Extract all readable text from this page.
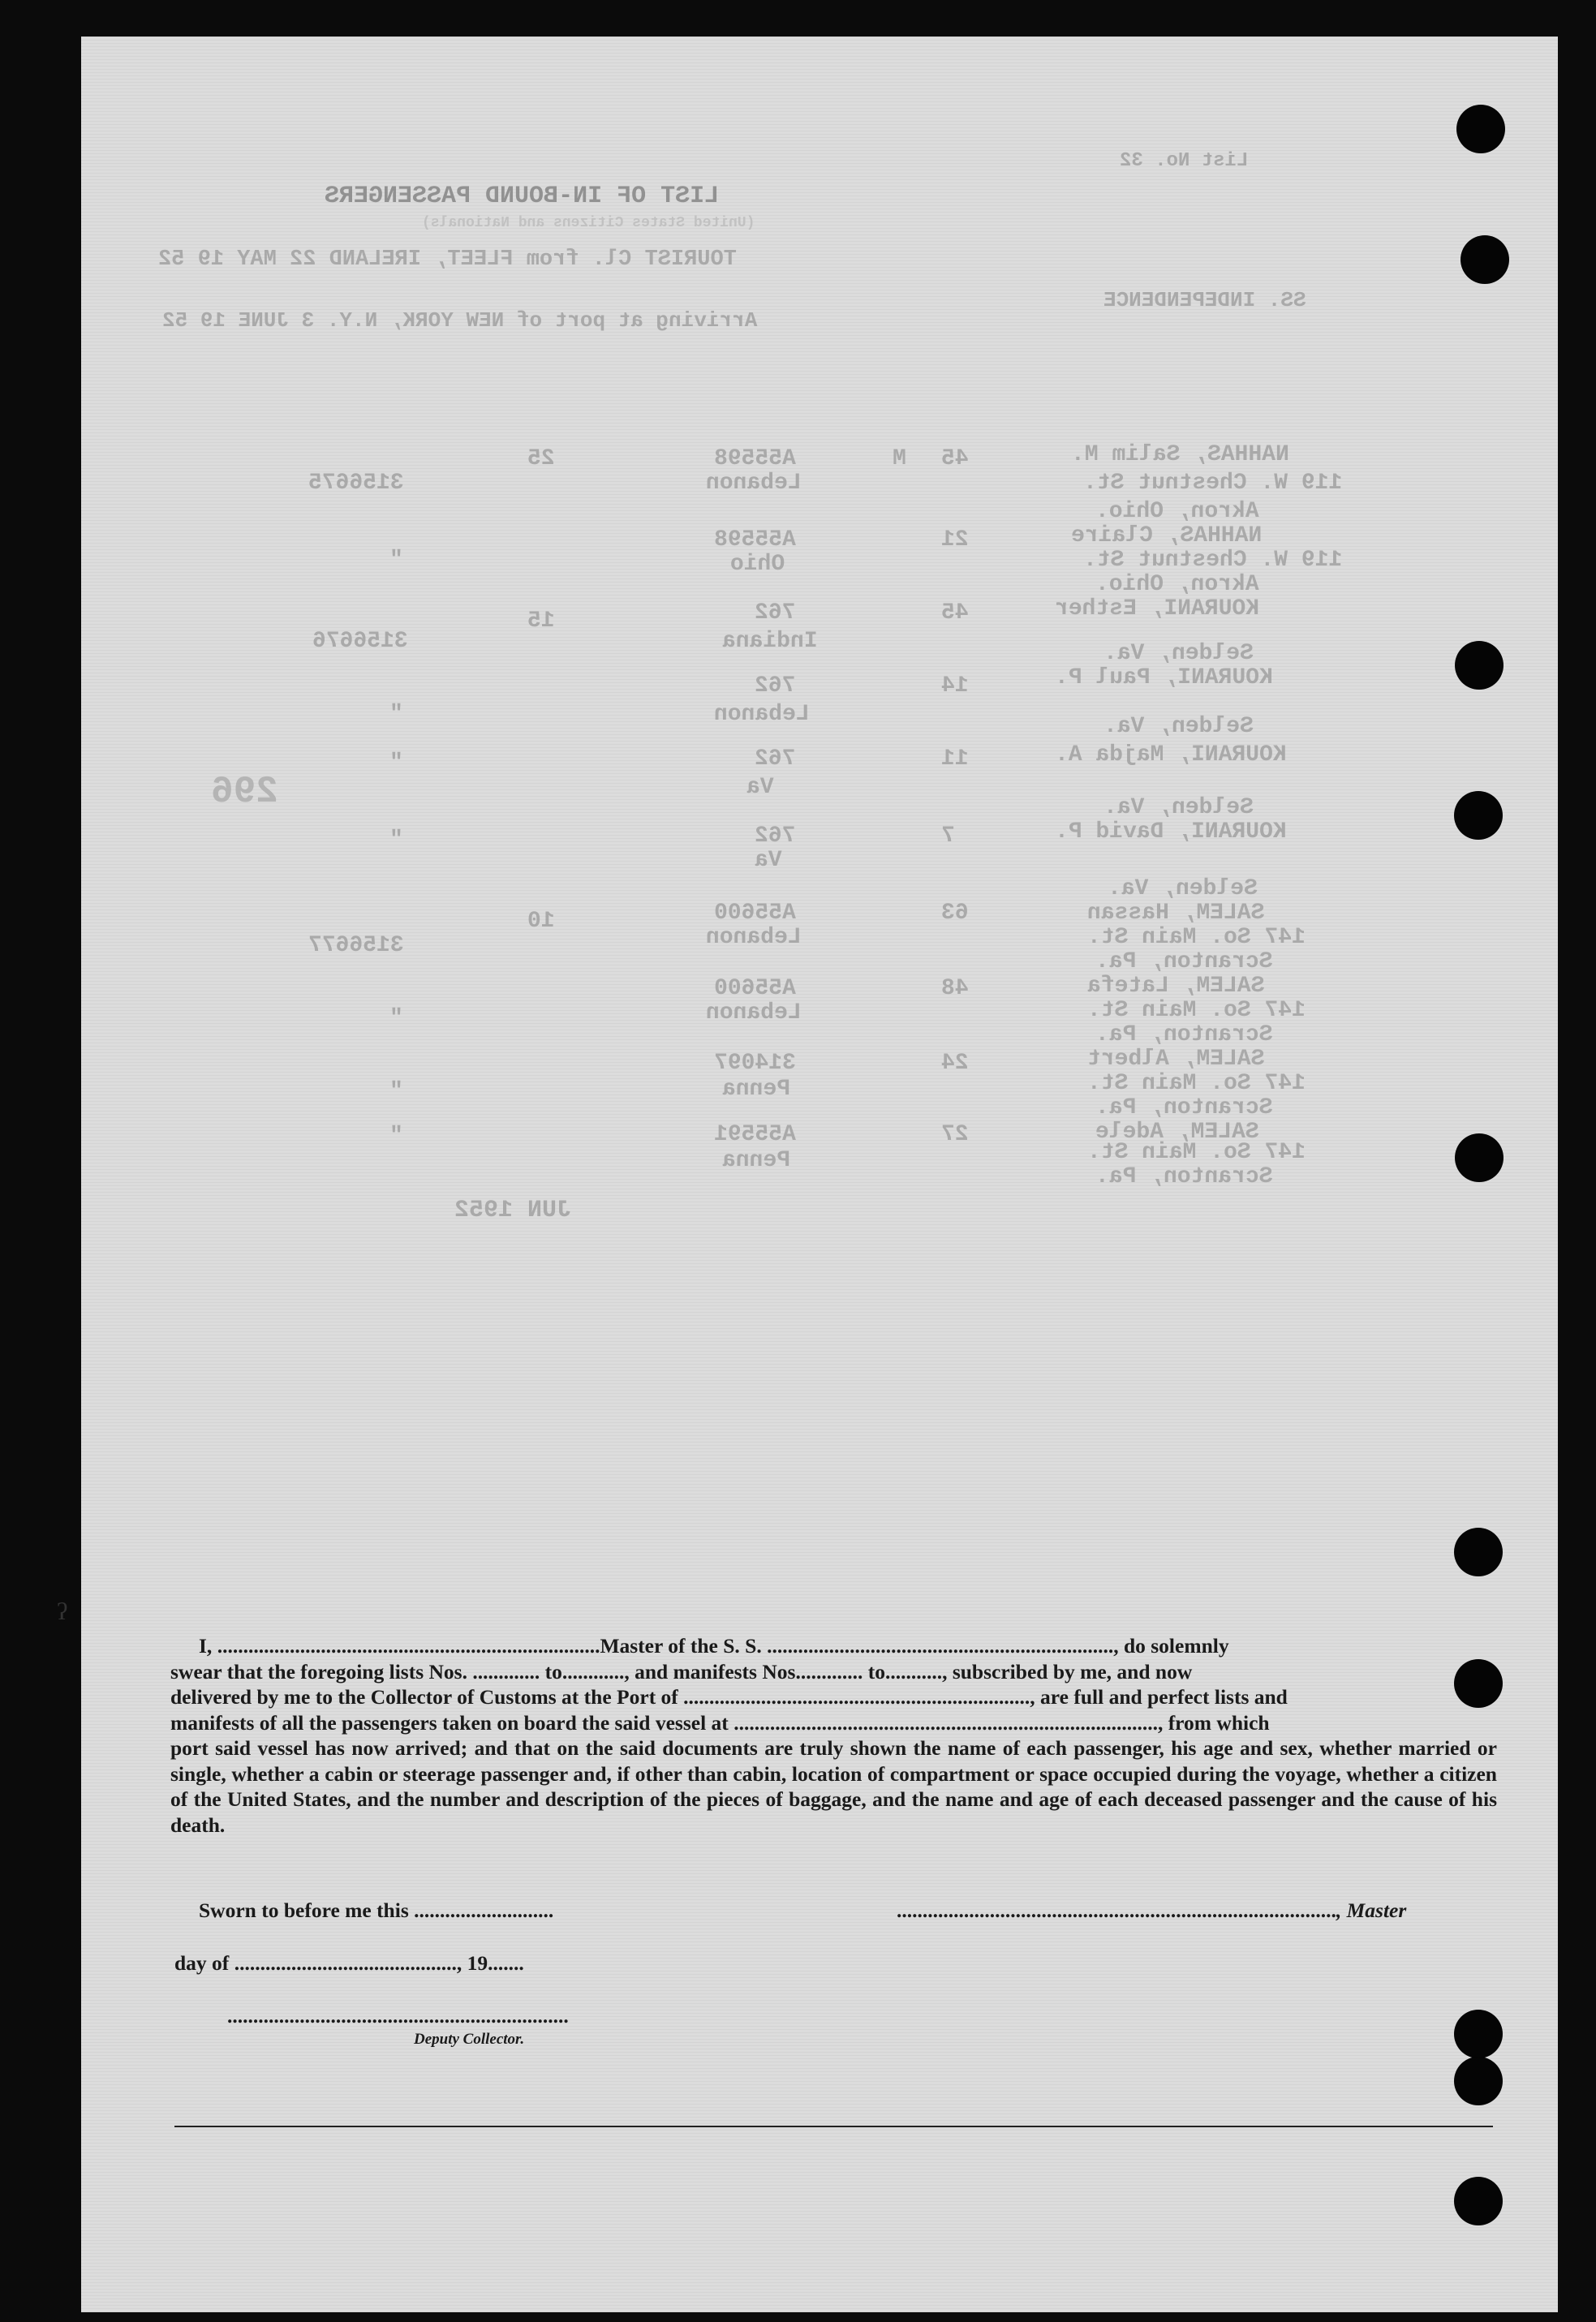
List No. 32
LIST OF IN-BOUND PASSENGERS
(United States Citizens and Nationals)
TOURIST Cl. from FLEET, IRELAND 22 MAY 19 52
SS. INDEPENDENCE
Arriving at port of NEW YORK, N.Y. 3 JUNE 19 52
NAHHAS, Salim M.
119 W. Chestnut St.
Akron, Ohio.
45
M
A55598
Lebanon
25
3156675
NAHHAS, Claire
119 W. Chestnut St.
Akron, Ohio.
21
A55598
Ohio
"
KOURANI, Esther
Selden, Va.
45
762
Indiana
15
3156676
KOURANI, Paul P.
Selden, Va.
14
762
Lebanon
"
KOURANI, Majda A.
Selden, Va.
11
762
Va
"
KOURANI, David P.
Selden, Va.
7
762
Va
"
SALEM, Hassan
147 So. Main St.
Scranton, Pa.
63
A55600
Lebanon
10
3156677
SALEM, Latefa
147 So. Main St.
Scranton, Pa.
48
A55600
Lebanon
"
SALEM, Albert
147 So. Main St.
Scranton, Pa.
24
314097
Penna
"
SALEM, Adele
147 So. Main St.
Scranton, Pa.
27
A55591
Penna
"
296
JUN 1952
ʔ

I, ..........................................................................Master of the S. S. ..................................................................., do solemnly

swear that the foregoing lists Nos. ............. to............, and manifests Nos............. to..........., subscribed by me, and now

delivered by me to the Collector of Customs at the Port of ..................................................................., are full and perfect lists and

manifests of all the passengers taken on board the said vessel at .................................................................................., from which

port said vessel has now arrived; and that on the said documents are truly shown the name of each passenger, his age and sex, whether married or single, whether a cabin or steerage passenger and, if other than cabin, location of compartment or space occupied during the voyage, whether a citizen of the United States, and the number and description of the pieces of baggage, and the name and age of each deceased passenger and the cause of his death.

Sworn to before me this ...........................	....................................................................................., Master
day of ..........................................., 19.......
..................................................................
Deputy Collector.
